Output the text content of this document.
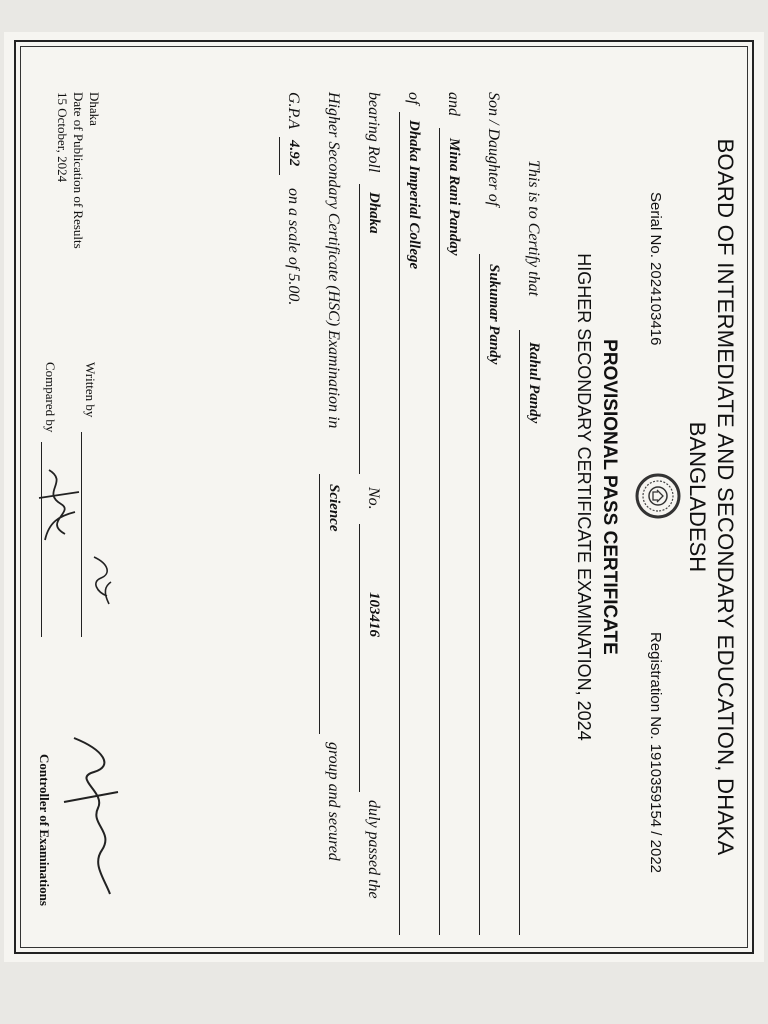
BOARD OF INTERMEDIATE AND SECONDARY EDUCATION, DHAKA
BANGLADESH
Serial No. 2024103416
Registration No. 1910359154 / 2022
PROVISIONAL PASS CERTIFICATE
HIGHER SECONDARY CERTIFICATE EXAMINATION, 2024
This is to Certify that
Rahul Pandy
Son / Daughter of
Sukumar Pandy
and
Mina Rani Panday
of
Dhaka Imperial College
bearing Roll
Dhaka
No.
103416
duly passed the
Higher Secondary Certificate (HSC) Examination in
Science
group and secured
G.P.A
4.92
on a scale of 5.00.
Dhaka
Date of Publication of Results
15 October, 2024
Written by
Compared by
Controller of Examinations
